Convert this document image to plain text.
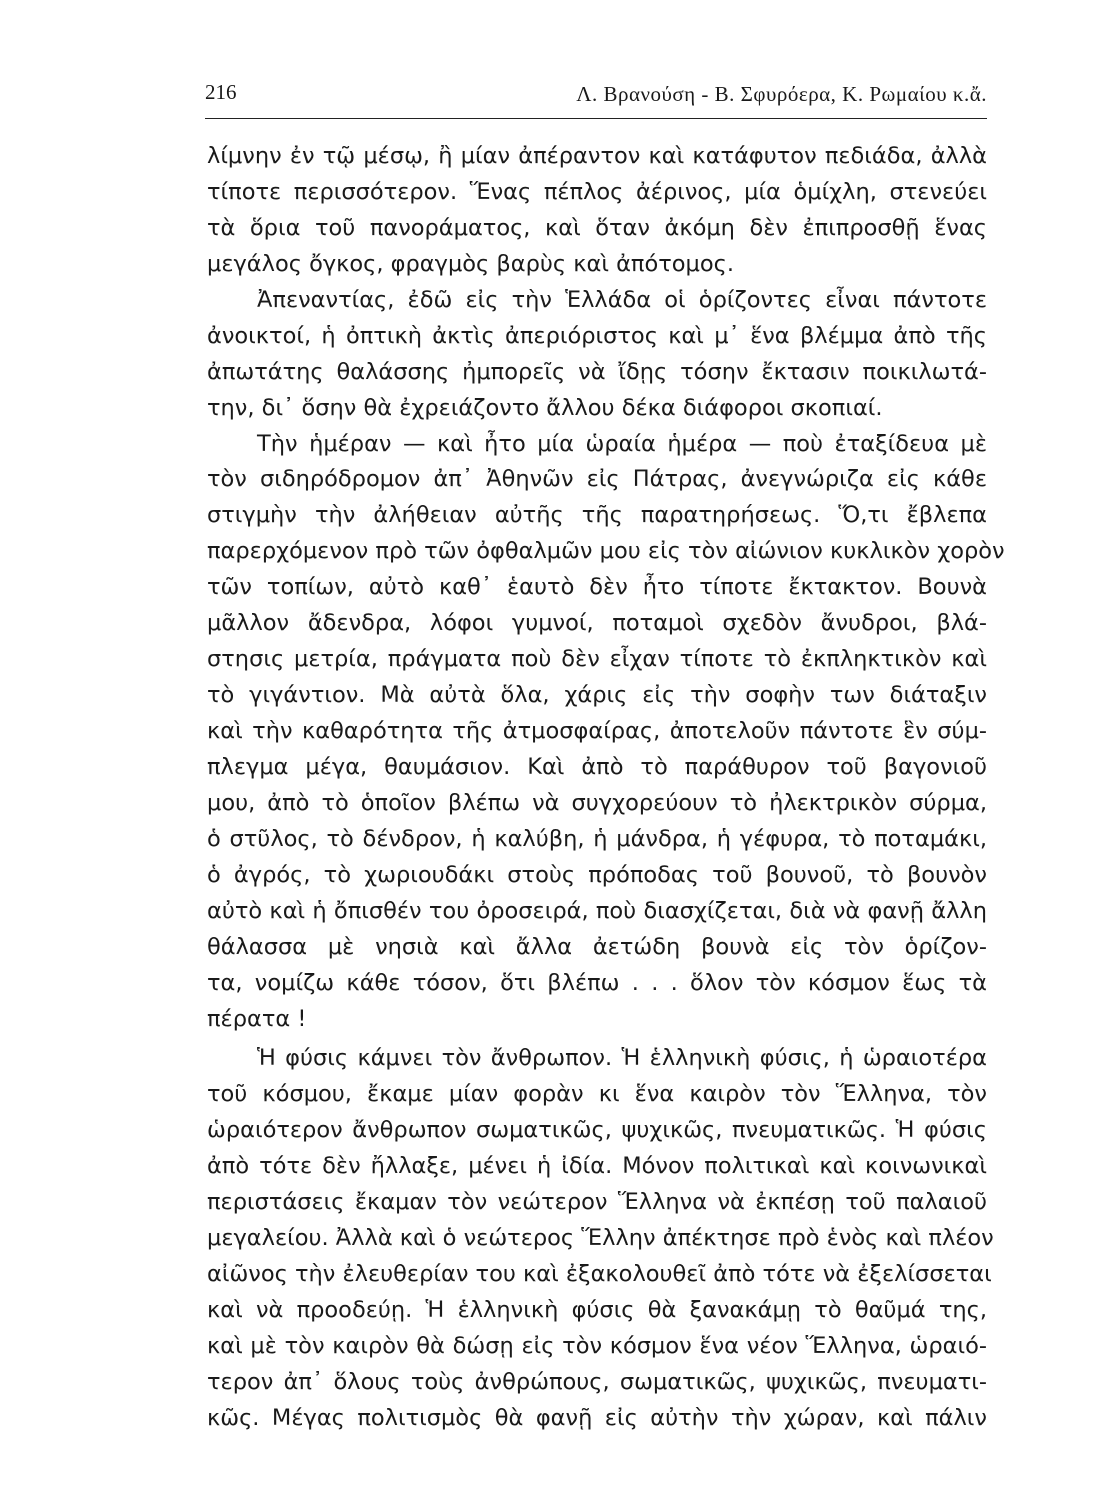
216	Λ. Βρανούση - Β. Σφυρόερα, Κ. Ρωμαίου κ.ἄ.
λίμνην ἐν τῷ μέσῳ, ἢ μίαν ἀπέραντον καὶ κατάφυτον πεδιάδα, ἀλλὰ
τίποτε περισσότερον. Ἕνας πέπλος ἀέρινος, μία ὁμίχλη, στενεύει
τὰ ὅρια τοῦ πανοράματος, καὶ ὅταν ἀκόμη δὲν ἐπιπροσθῇ ἕνας
μεγάλος ὄγκος, φραγμὸς βαρὺς καὶ ἀπότομος.
Ἀπεναντίας, ἐδῶ εἰς τὴν Ἑλλάδα οἱ ὁρίζοντες εἶναι πάντοτε
ἀνοικτοί, ἡ ὀπτικὴ ἀκτὶς ἀπεριόριστος καὶ μ᾽ ἕνα βλέμμα ἀπὸ τῆς
ἀπωτάτης θαλάσσης ἠμπορεῖς νὰ ἴδῃς τόσην ἔκτασιν ποικιλωτά-
την, δι᾽ ὅσην θὰ ἐχρειάζοντο ἄλλου δέκα διάφοροι σκοπιαί.
Τὴν ἡμέραν — καὶ ἦτο μία ὡραία ἡμέρα — ποὺ ἐταξίδευα μὲ
τὸν σιδηρόδρομον ἀπ᾽ Ἀθηνῶν εἰς Πάτρας, ἀνεγνώριζα εἰς κάθε
στιγμὴν τὴν ἀλήθειαν αὐτῆς τῆς παρατηρήσεως. Ὅ,τι ἔβλεπα
παρερχόμενον πρὸ τῶν ὀφθαλμῶν μου εἰς τὸν αἰώνιον κυκλικὸν χορὸν
τῶν τοπίων, αὐτὸ καθ᾽ ἑαυτὸ δὲν ἦτο τίποτε ἔκτακτον. Βουνὰ
μᾶλλον ἄδενδρα, λόφοι γυμνοί, ποταμοὶ σχεδὸν ἄνυδροι, βλά-
στησις μετρία, πράγματα ποὺ δὲν εἶχαν τίποτε τὸ ἐκπληκτικὸν καὶ
τὸ γιγάντιον. Μὰ αὐτὰ ὅλα, χάρις εἰς τὴν σοφὴν των διάταξιν
καὶ τὴν καθαρότητα τῆς ἀτμοσφαίρας, ἀποτελοῦν πάντοτε ἓν σύμ-
πλεγμα μέγα, θαυμάσιον. Καὶ ἀπὸ τὸ παράθυρον τοῦ βαγονιοῦ
μου, ἀπὸ τὸ ὁποῖον βλέπω νὰ συγχορεύουν τὸ ἠλεκτρικὸν σύρμα,
ὁ στῦλος, τὸ δένδρον, ἡ καλύβη, ἡ μάνδρα, ἡ γέφυρα, τὸ ποταμάκι,
ὁ ἀγρός, τὸ χωριουδάκι στοὺς πρόποδας τοῦ βουνοῦ, τὸ βουνὸν
αὐτὸ καὶ ἡ ὄπισθέν του ὀροσειρά, ποὺ διασχίζεται, διὰ νὰ φανῇ ἄλλη
θάλασσα μὲ νησιὰ καὶ ἄλλα ἀετώδη βουνὰ εἰς τὸν ὁρίζον-
τα, νομίζω κάθε τόσον, ὅτι βλέπω . . . ὅλον τὸν κόσμον ἕως τὰ
πέρατα !
Ἡ φύσις κάμνει τὸν ἄνθρωπον. Ἡ ἑλληνικὴ φύσις, ἡ ὡραιοτέρα
τοῦ κόσμου, ἔκαμε μίαν φορὰν κι ἕνα καιρὸν τὸν Ἕλληνα, τὸν
ὡραιότερον ἄνθρωπον σωματικῶς, ψυχικῶς, πνευματικῶς. Ἡ φύσις
ἀπὸ τότε δὲν ἤλλαξε, μένει ἡ ἰδία. Μόνον πολιτικαὶ καὶ κοινωνικαὶ
περιστάσεις ἔκαμαν τὸν νεώτερον Ἕλληνα νὰ ἐκπέσῃ τοῦ παλαιοῦ
μεγαλείου. Ἀλλὰ καὶ ὁ νεώτερος Ἕλλην ἀπέκτησε πρὸ ἑνὸς καὶ πλέον
αἰῶνος τὴν ἐλευθερίαν του καὶ ἐξακολουθεῖ ἀπὸ τότε νὰ ἐξελίσσεται
καὶ νὰ προοδεύῃ. Ἡ ἑλληνικὴ φύσις θὰ ξανακάμῃ τὸ θαῦμά της,
καὶ μὲ τὸν καιρὸν θὰ δώσῃ εἰς τὸν κόσμον ἕνα νέον Ἕλληνα, ὡραιό-
τερον ἀπ᾽ ὅλους τοὺς ἀνθρώπους, σωματικῶς, ψυχικῶς, πνευματι-
κῶς. Μέγας πολιτισμὸς θὰ φανῇ εἰς αὐτὴν τὴν χώραν, καὶ πάλιν
